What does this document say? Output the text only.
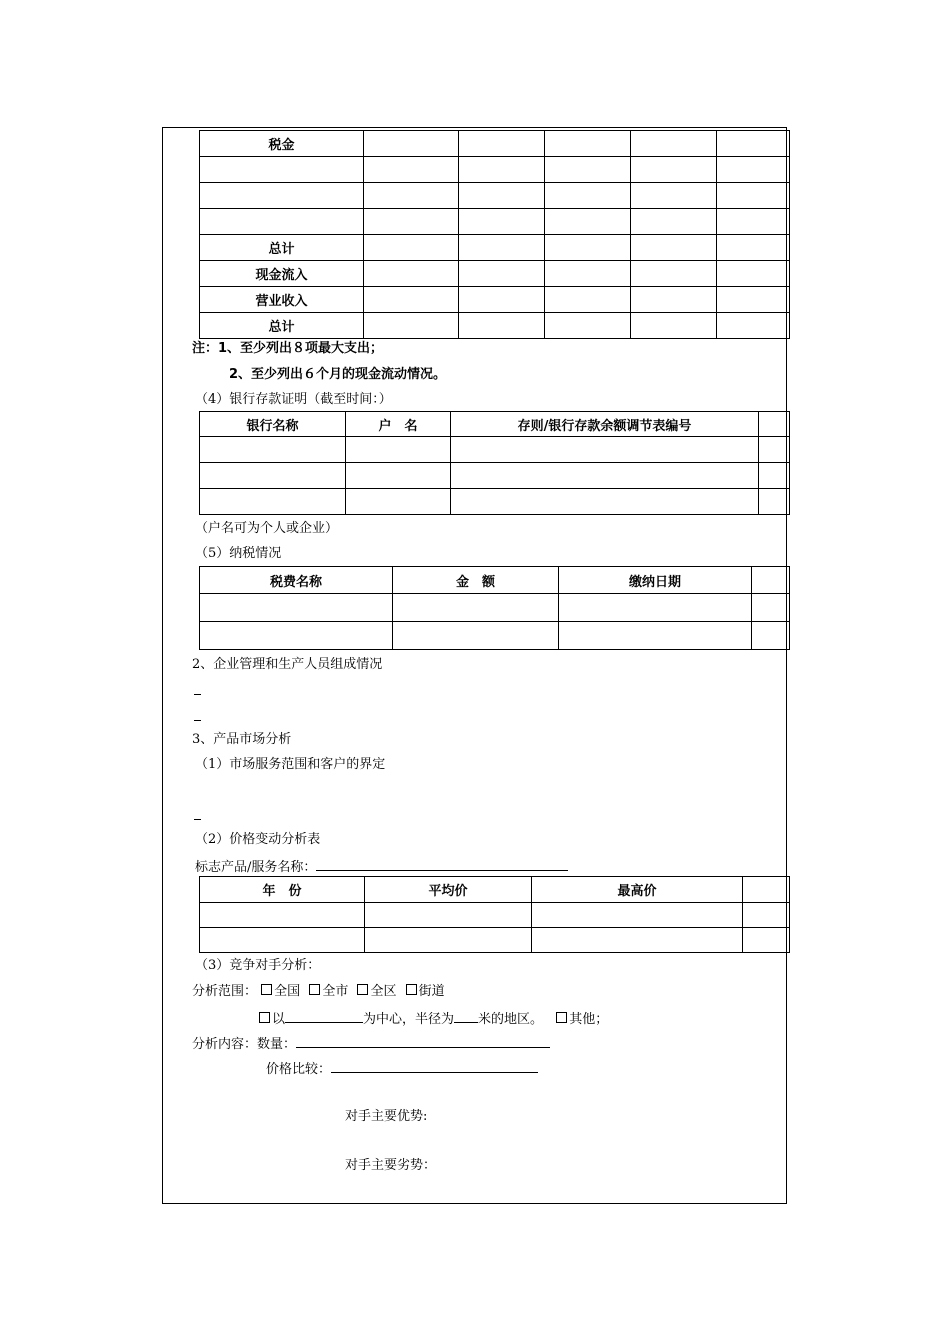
税金					

总计					
现金流入					
营业收入					
总计					
注：1、至少列出８项最大支出；
2、至少列出６个月的现金流动情况。
（4）银行存款证明（截至时间：）
银行名称	户　名	存则/银行存款余额调节表编号	

（户名可为个人或企业）
（5）纳税情况
税费名称	金　额	缴纳日期	

2、企业管理和生产人员组成情况
3、产品市场分析
（1）市场服务范围和客户的界定
（2）价格变动分析表
标志产品/服务名称：
年　份	平均价	最高价	

（3）竞争对手分析：
分析范围： 全国 全市 全区 街道
以	为中心，半径为 米的地区。 其他；
分析内容：数量：
价格比较：
对手主要优势:
对手主要劣势：
